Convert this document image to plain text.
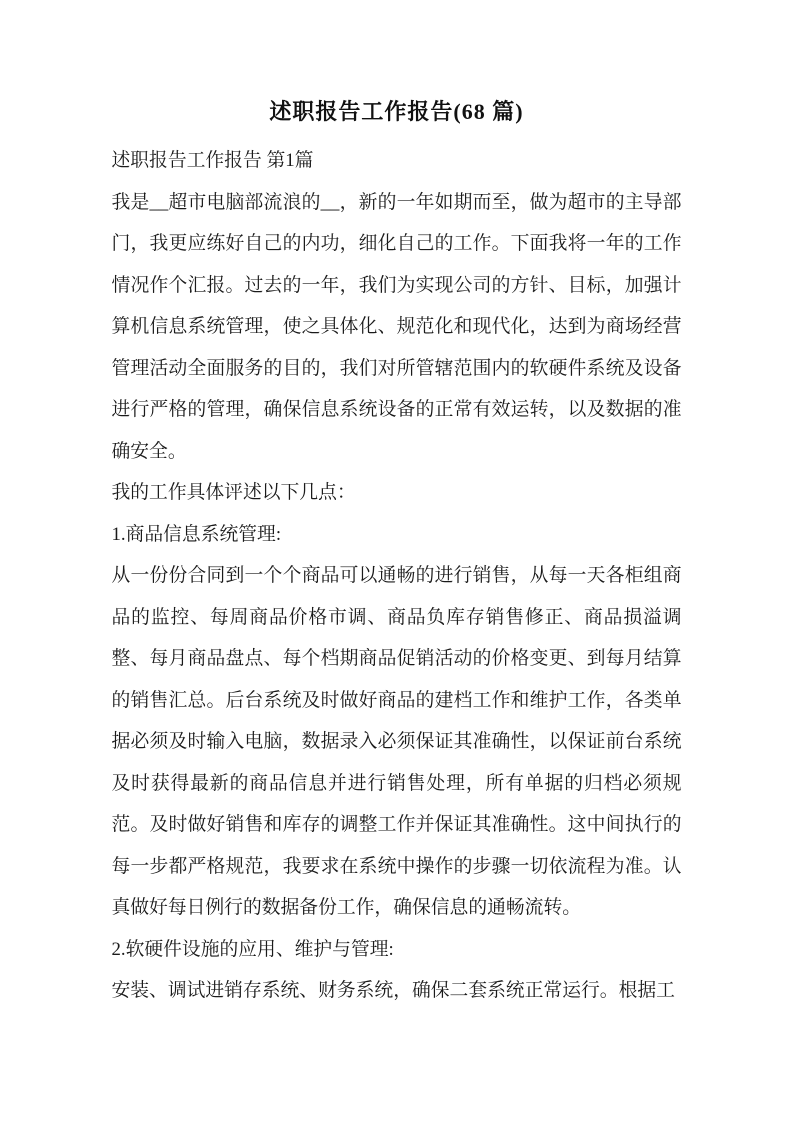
述职报告工作报告(68 篇)

述职报告工作报告 第1篇

我是__超市电脑部流浪的__，新的一年如期而至，做为超市的主导部门，我更应练好自己的内功，细化自己的工作。下面我将一年的工作情况作个汇报。过去的一年，我们为实现公司的方针、目标，加强计算机信息系统管理，使之具体化、规范化和现代化，达到为商场经营管理活动全面服务的目的，我们对所管辖范围内的软硬件系统及设备进行严格的管理，确保信息系统设备的正常有效运转，以及数据的准确安全。

我的工作具体评述以下几点：

1.商品信息系统管理:

从一份份合同到一个个商品可以通畅的进行销售，从每一天各柜组商品的监控、每周商品价格市调、商品负库存销售修正、商品损溢调整、每月商品盘点、每个档期商品促销活动的价格变更、到每月结算的销售汇总。后台系统及时做好商品的建档工作和维护工作，各类单据必须及时输入电脑，数据录入必须保证其准确性，以保证前台系统及时获得最新的商品信息并进行销售处理，所有单据的归档必须规范。及时做好销售和库存的调整工作并保证其准确性。这中间执行的每一步都严格规范，我要求在系统中操作的步骤一切依流程为准。认真做好每日例行的数据备份工作，确保信息的通畅流转。

2.软硬件设施的应用、维护与管理:

安装、调试进销存系统、财务系统，确保二套系统正常运行。根据工
